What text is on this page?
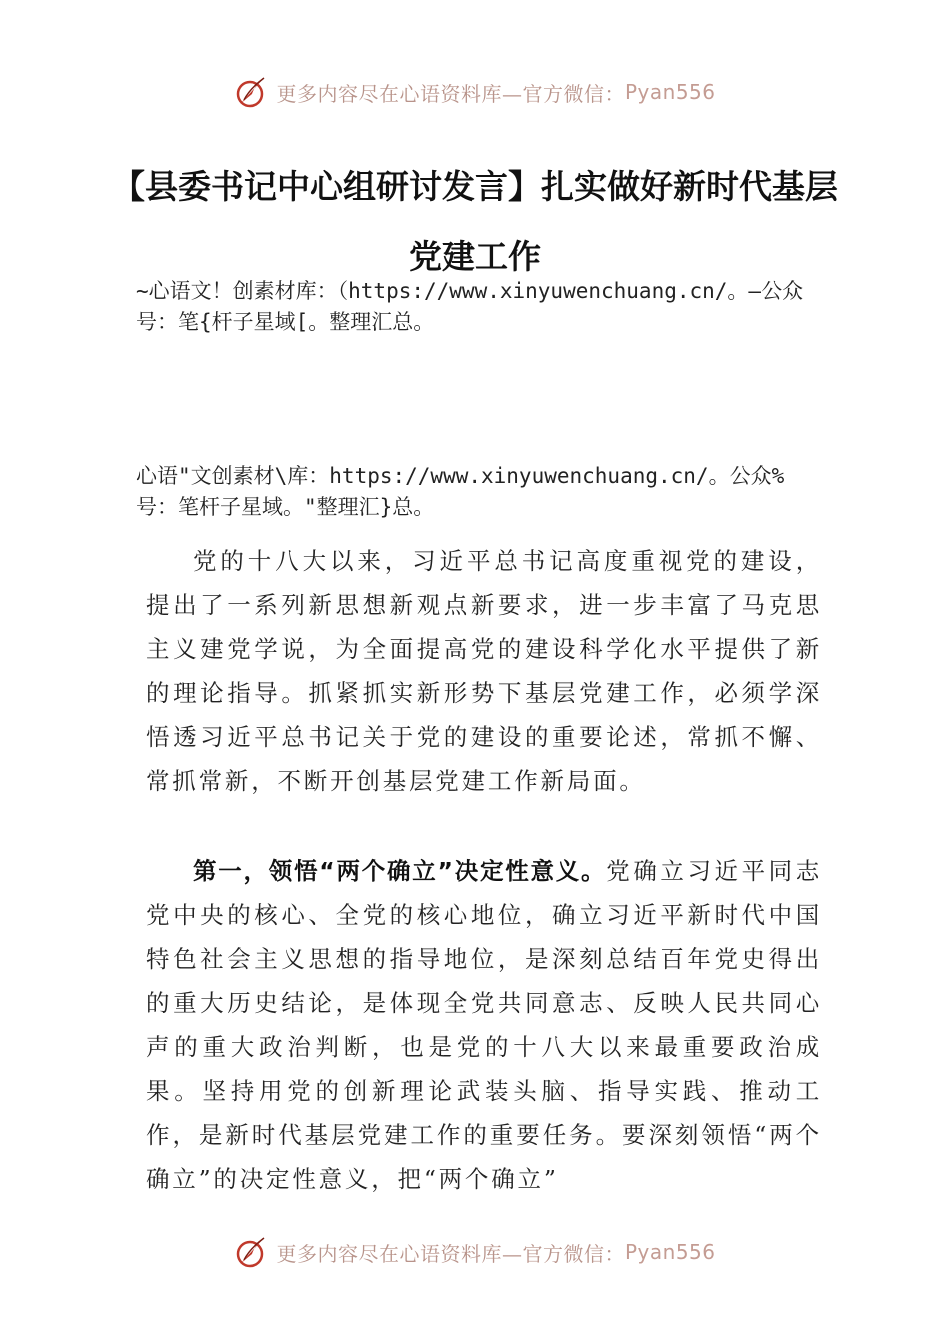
更多内容尽在心语资料库—官方微信： Pyan556
【县委书记中心组研讨发言】扎实做好新时代基层党建工作

~心语文！创素材库：（https://www.xinyuwenchuang.cn/。—公众号：笔{杆子星域[。整理汇总。

心语"文创素材\库：https://www.xinyuwenchuang.cn/。公众%号：笔杆子星域。"整理汇}总。

党的十八大以来，习近平总书记高度重视党的建设，提出了一系列新思想新观点新要求，进一步丰富了马克思主义建党学说，为全面提高党的建设科学化水平提供了新的理论指导。抓紧抓实新形势下基层党建工作，必须学深悟透习近平总书记关于党的建设的重要论述，常抓不懈、常抓常新，不断开创基层党建工作新局面。

第一，领悟“两个确立”决定性意义。党确立习近平同志党中央的核心、全党的核心地位，确立习近平新时代中国特色社会主义思想的指导地位，是深刻总结百年党史得出的重大历史结论，是体现全党共同意志、反映人民共同心声的重大政治判断，也是党的十八大以来最重要政治成果。坚持用党的创新理论武装头脑、指导实践、推动工作，是新时代基层党建工作的重要任务。要深刻领悟“两个确立”的决定性意义，把“两个确立”

更多内容尽在心语资料库—官方微信： Pyan556
